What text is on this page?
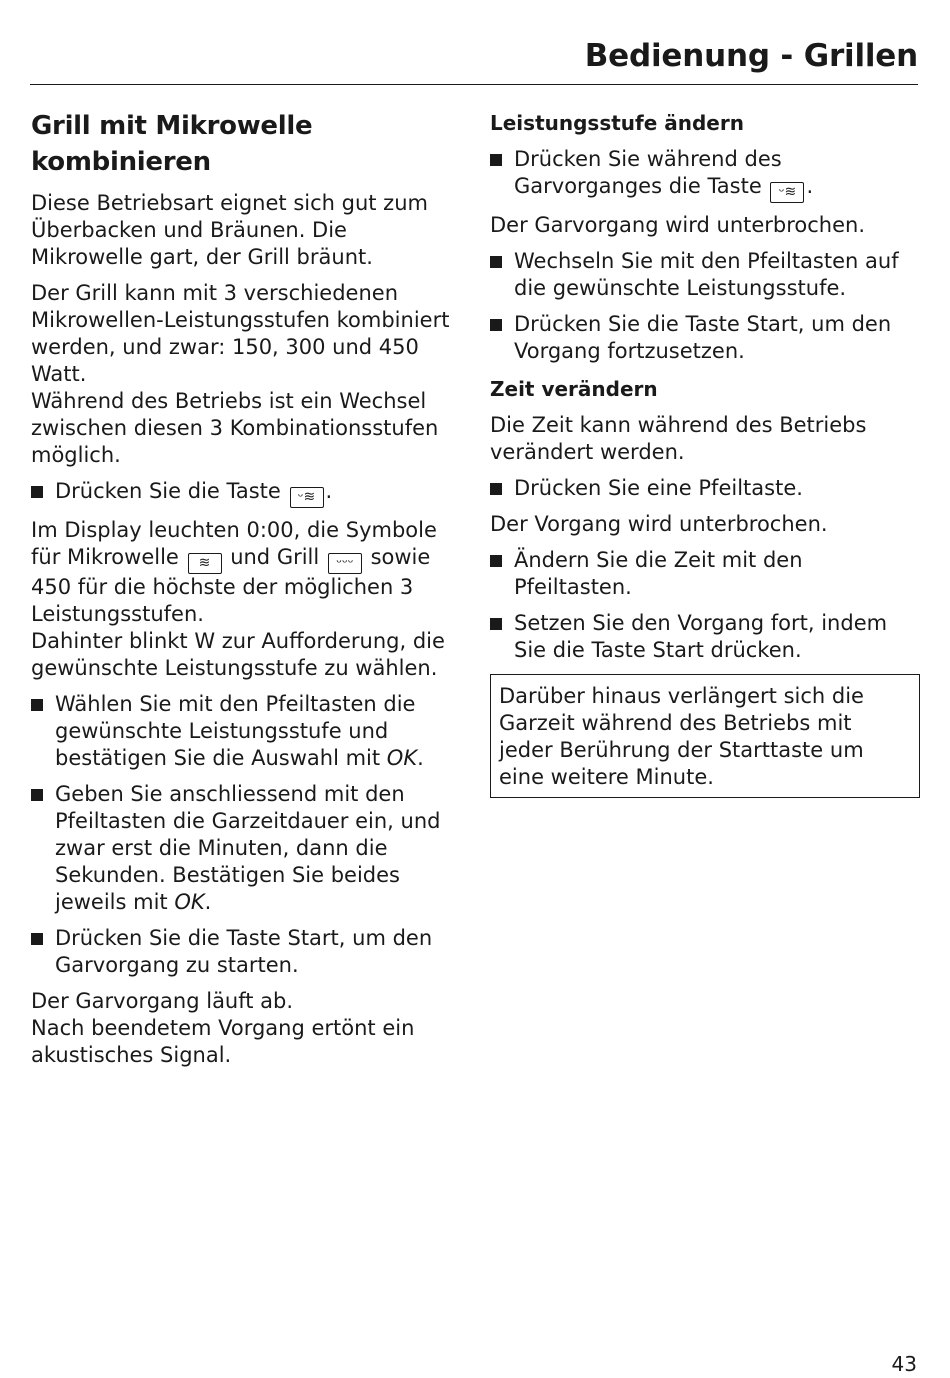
Bedienung - Grillen
Grill mit Mikrowelle kombinieren

Diese Betriebsart eignet sich gut zum Überbacken und Bräunen. Die Mikrowelle gart, der Grill bräunt.

Der Grill kann mit 3 verschiedenen Mikrowellen-Leistungsstufen kombiniert werden, und zwar: 150, 300 und 450 Watt.
Während des Betriebs ist ein Wechsel zwischen diesen 3 Kombinationsstufen möglich.

Drücken Sie die Taste ᵕ≋ .

Im Display leuchten 0:00, die Symbole für Mikrowelle ≋ und Grill ᵕᵕᵕ sowie 450 für die höchste der möglichen 3 Leistungsstufen.
Dahinter blinkt W zur Aufforderung, die gewünschte Leistungsstufe zu wählen.

Wählen Sie mit den Pfeiltasten die gewünschte Leistungsstufe und bestätigen Sie die Auswahl mit OK.
Geben Sie anschliessend mit den Pfeiltasten die Garzeitdauer ein, und zwar erst die Minuten, dann die Sekunden. Bestätigen Sie beides jeweils mit OK.
Drücken Sie die Taste Start, um den Garvorgang zu starten.

Der Garvorgang läuft ab.
Nach beendetem Vorgang ertönt ein akustisches Signal.

Leistungsstufe ändern
Drücken Sie während des Garvorganges die Taste ᵕ≋ .

Der Garvorgang wird unterbrochen.

Wechseln Sie mit den Pfeiltasten auf die gewünschte Leistungsstufe.
Drücken Sie die Taste Start, um den Vorgang fortzusetzen.
Zeit verändern

Die Zeit kann während des Betriebs verändert werden.

Drücken Sie eine Pfeiltaste.

Der Vorgang wird unterbrochen.

Ändern Sie die Zeit mit den Pfeiltasten.
Setzen Sie den Vorgang fort, indem Sie die Taste Start drücken.
Darüber hinaus verlängert sich die Garzeit während des Betriebs mit jeder Berührung der Starttaste um eine weitere Minute.
43
